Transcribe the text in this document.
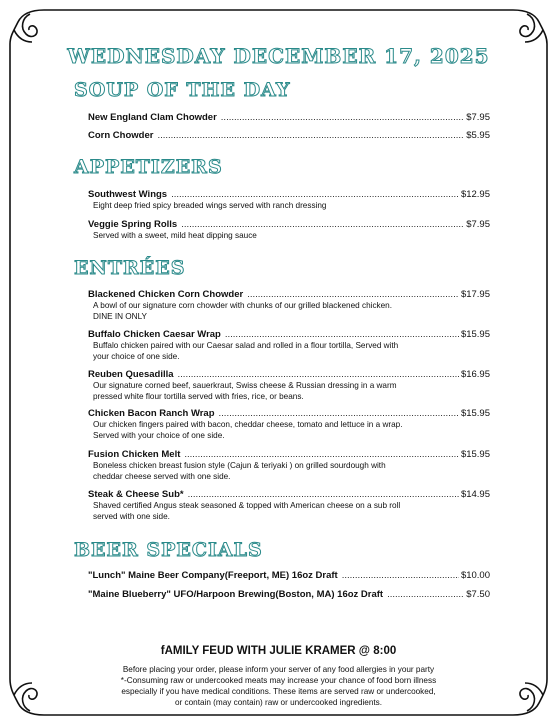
WEDNESDAY DECEMBER 17, 2025
SOUP OF THE DAY
New England Clam Chowder .....	$7.95
Corn Chowder .....	$5.95
APPETIZERS
Southwest Wings .....	$12.95
Eight deep fried spicy breaded wings served with ranch dressing
Veggie Spring Rolls .....	$7.95
Served with a sweet, mild heat dipping sauce
ENTRÉES
Blackened Chicken Corn Chowder .....	$17.95
A bowl of our signature corn chowder with chunks of our grilled blackened chicken.
DINE IN ONLY
Buffalo Chicken Caesar Wrap .....	$15.95
Buffalo chicken paired with our Caesar salad and rolled in a flour tortilla, Served with
your choice of one side.
Reuben Quesadilla .....	$16.95
Our signature corned beef, sauerkraut, Swiss cheese & Russian dressing in a warm
pressed white flour tortilla served with fries, rice, or beans.
Chicken Bacon Ranch Wrap .....	$15.95
Our chicken fingers paired with bacon, cheddar cheese, tomato and lettuce in a wrap.
Served with your choice of one side.
Fusion Chicken Melt .....	$15.95
Boneless chicken breast fusion style (Cajun & teriyaki ) on grilled sourdough with
cheddar cheese served with one side.
Steak & Cheese Sub* .....	$14.95
Shaved certified Angus steak seasoned & topped with American cheese on a sub roll
served with one side.
BEER SPECIALS
"Lunch" Maine Beer Company(Freeport, ME) 16oz Draft .....	$10.00
"Maine Blueberry" UFO/Harpoon Brewing(Boston, MA) 16oz Draft .....	$7.50
fAMILY FEUD WITH JULIE KRAMER @ 8:00
Before placing your order, please inform your server of any food allergies in your party
*-Consuming raw or undercooked meats may increase your chance of food born illness
especially if you have medical conditions. These items are served raw or undercooked,
or contain (may contain) raw or undercooked ingredients.
